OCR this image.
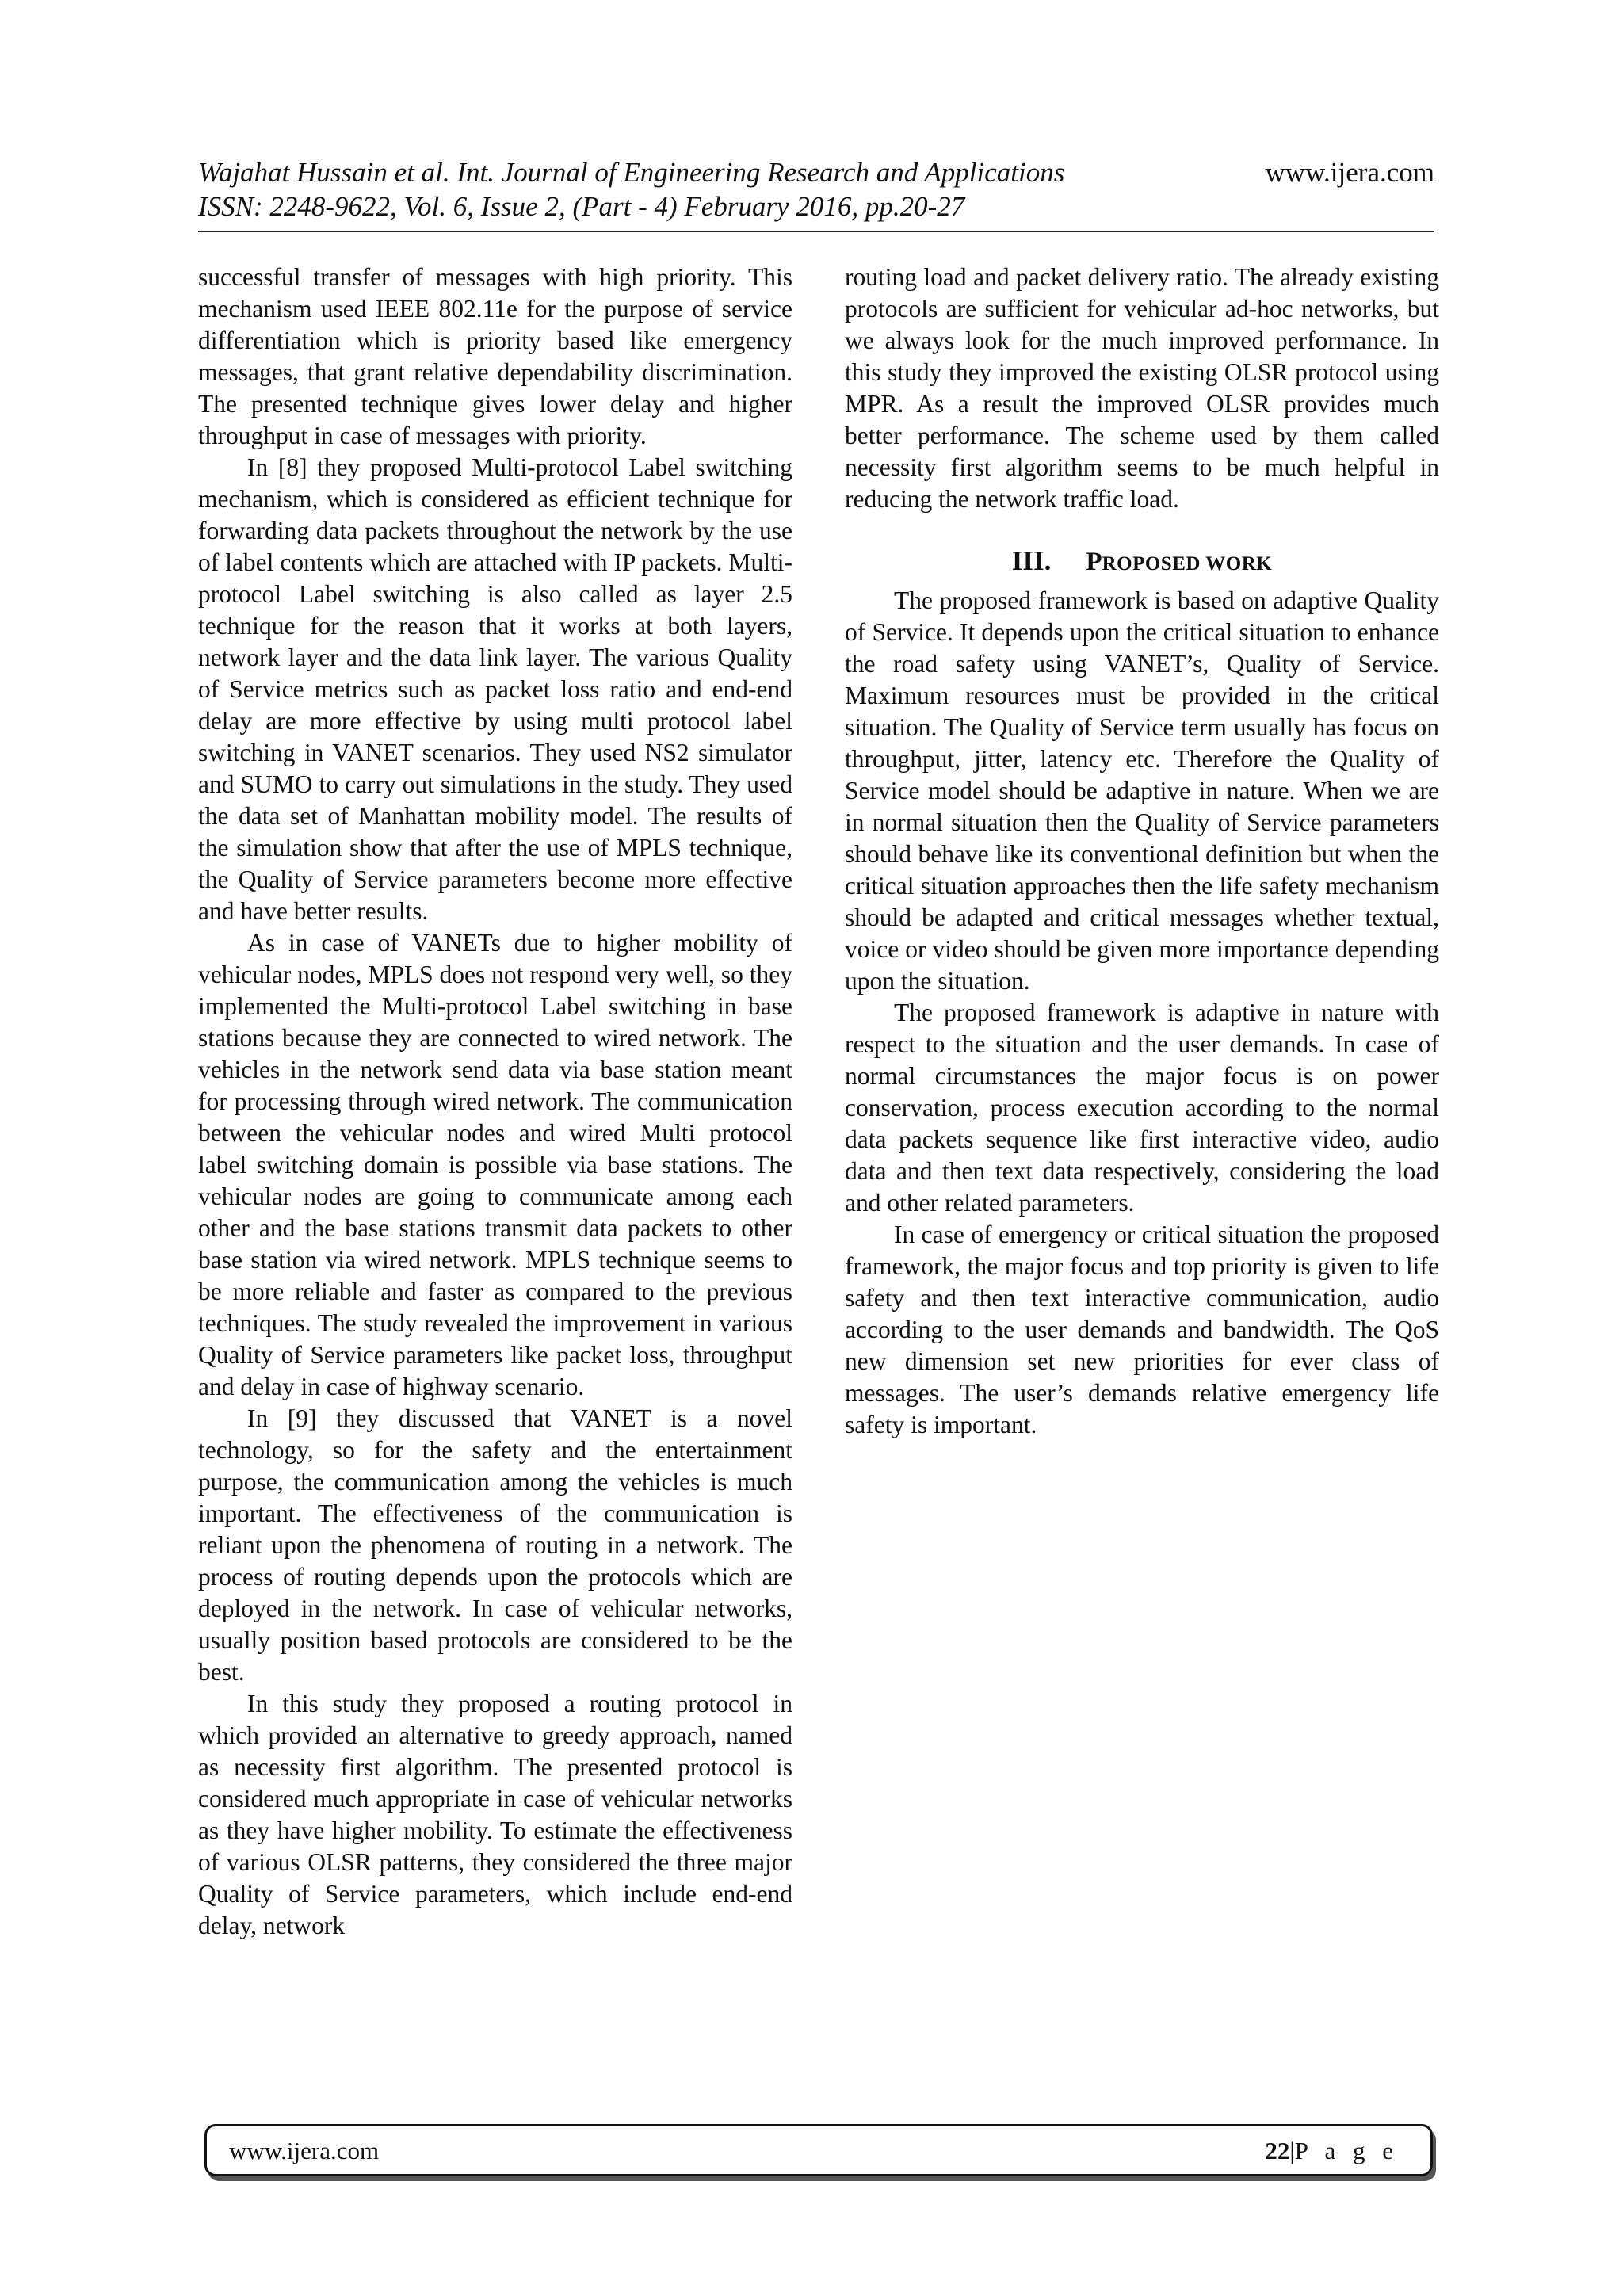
Wajahat Hussain et al. Int. Journal of Engineering Research and Applications	www.ijera.com
ISSN: 2248-9622, Vol. 6, Issue 2, (Part - 4) February 2016, pp.20-27

successful transfer of messages with high priority. This mechanism used IEEE 802.11e for the purpose of service differentiation which is priority based like emergency messages, that grant relative dependability discrimination. The presented technique gives lower delay and higher throughput in case of messages with priority.

In [8] they proposed Multi-protocol Label switching mechanism, which is considered as efficient technique for forwarding data packets throughout the network by the use of label contents which are attached with IP packets. Multi-protocol Label switching is also called as layer 2.5 technique for the reason that it works at both layers, network layer and the data link layer. The various Quality of Service metrics such as packet loss ratio and end-end delay are more effective by using multi protocol label switching in VANET scenarios. They used NS2 simulator and SUMO to carry out simulations in the study. They used the data set of Manhattan mobility model. The results of the simulation show that after the use of MPLS technique, the Quality of Service parameters become more effective and have better results.

As in case of VANETs due to higher mobility of vehicular nodes, MPLS does not respond very well, so they implemented the Multi-protocol Label switching in base stations because they are connected to wired network. The vehicles in the network send data via base station meant for processing through wired network. The communication between the vehicular nodes and wired Multi protocol label switching domain is possible via base stations. The vehicular nodes are going to communicate among each other and the base stations transmit data packets to other base station via wired network. MPLS technique seems to be more reliable and faster as compared to the previous techniques. The study revealed the improvement in various Quality of Service parameters like packet loss, throughput and delay in case of highway scenario.

In [9] they discussed that VANET is a novel technology, so for the safety and the entertainment purpose, the communication among the vehicles is much important. The effectiveness of the communication is reliant upon the phenomena of routing in a network. The process of routing depends upon the protocols which are deployed in the network. In case of vehicular networks, usually position based protocols are considered to be the best.

In this study they proposed a routing protocol in which provided an alternative to greedy approach, named as necessity first algorithm. The presented protocol is considered much appropriate in case of vehicular networks as they have higher mobility. To estimate the effectiveness of various OLSR patterns, they considered the three major Quality of Service parameters, which include end-end delay, network

routing load and packet delivery ratio. The already existing protocols are sufficient for vehicular ad-hoc networks, but we always look for the much improved performance. In this study they improved the existing OLSR protocol using MPR. As a result the improved OLSR provides much better performance. The scheme used by them called necessity first algorithm seems to be much helpful in reducing the network traffic load.

III. PROPOSED WORK

The proposed framework is based on adaptive Quality of Service. It depends upon the critical situation to enhance the road safety using VANET’s, Quality of Service. Maximum resources must be provided in the critical situation. The Quality of Service term usually has focus on throughput, jitter, latency etc. Therefore the Quality of Service model should be adaptive in nature. When we are in normal situation then the Quality of Service parameters should behave like its conventional definition but when the critical situation approaches then the life safety mechanism should be adapted and critical messages whether textual, voice or video should be given more importance depending upon the situation.

The proposed framework is adaptive in nature with respect to the situation and the user demands. In case of normal circumstances the major focus is on power conservation, process execution according to the normal data packets sequence like first interactive video, audio data and then text data respectively, considering the load and other related parameters.

In case of emergency or critical situation the proposed framework, the major focus and top priority is given to life safety and then text interactive communication, audio according to the user demands and bandwidth. The QoS new dimension set new priorities for ever class of messages. The user’s demands relative emergency life safety is important.

www.ijera.com	22|P a g e
